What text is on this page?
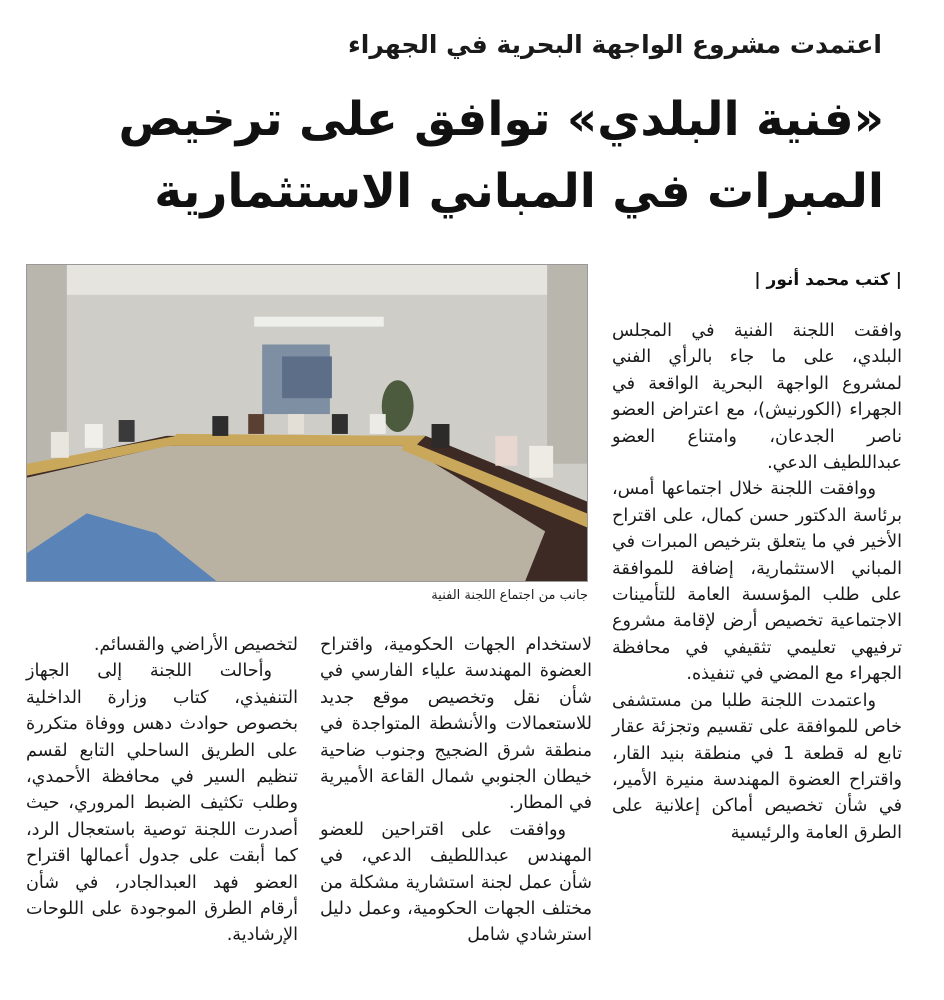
اعتمدت مشروع الواجهة البحرية في الجهراء
«فنية البلدي» توافق على ترخيص المبرات في المباني الاستثمارية
| كتب محمد أنور |
جانب من اجتماع اللجنة الفنية

وافقت اللجنة الفنية في المجلس البلدي، على ما جاء بالرأي الفني لمشروع الواجهة البحرية الواقعة في الجهراء (الكورنيش)، مع اعتراض العضو ناصر الجدعان، وامتناع العضو عبداللطيف الدعي.

ووافقت اللجنة خلال اجتماعها أمس، برئاسة الدكتور حسن كمال، على اقتراح الأخير في ما يتعلق بترخيص المبرات في المباني الاستثمارية، إضافة للموافقة على طلب المؤسسة العامة للتأمينات الاجتماعية تخصيص أرض لإقامة مشروع ترفيهي تعليمي تثقيفي في محافظة الجهراء مع المضي في تنفيذه.

واعتمدت اللجنة طلبا من مستشفى خاص للموافقة على تقسيم وتجزئة عقار تابع له قطعة 1 في منطقة بنيد القار، واقتراح العضوة المهندسة منيرة الأمير، في شأن تخصيص أماكن إعلانية على الطرق العامة والرئيسية

لاستخدام الجهات الحكومية، واقتراح العضوة المهندسة علياء الفارسي في شأن نقل وتخصيص موقع جديد للاستعمالات والأنشطة المتواجدة في منطقة شرق الضجيج وجنوب ضاحية خيطان الجنوبي شمال القاعة الأميرية في المطار.

ووافقت على اقتراحين للعضو المهندس عبداللطيف الدعي، في شأن عمل لجنة استشارية مشكلة من مختلف الجهات الحكومية، وعمل دليل استرشادي شامل

لتخصيص الأراضي والقسائم.

وأحالت اللجنة إلى الجهاز التنفيذي، كتاب وزارة الداخلية بخصوص حوادث دهس ووفاة متكررة على الطريق الساحلي التابع لقسم تنظيم السير في محافظة الأحمدي، وطلب تكثيف الضبط المروري، حيث أصدرت اللجنة توصية باستعجال الرد، كما أبقت على جدول أعمالها اقتراح العضو فهد العبدالجادر، في شأن أرقام الطرق الموجودة على اللوحات الإرشادية.
